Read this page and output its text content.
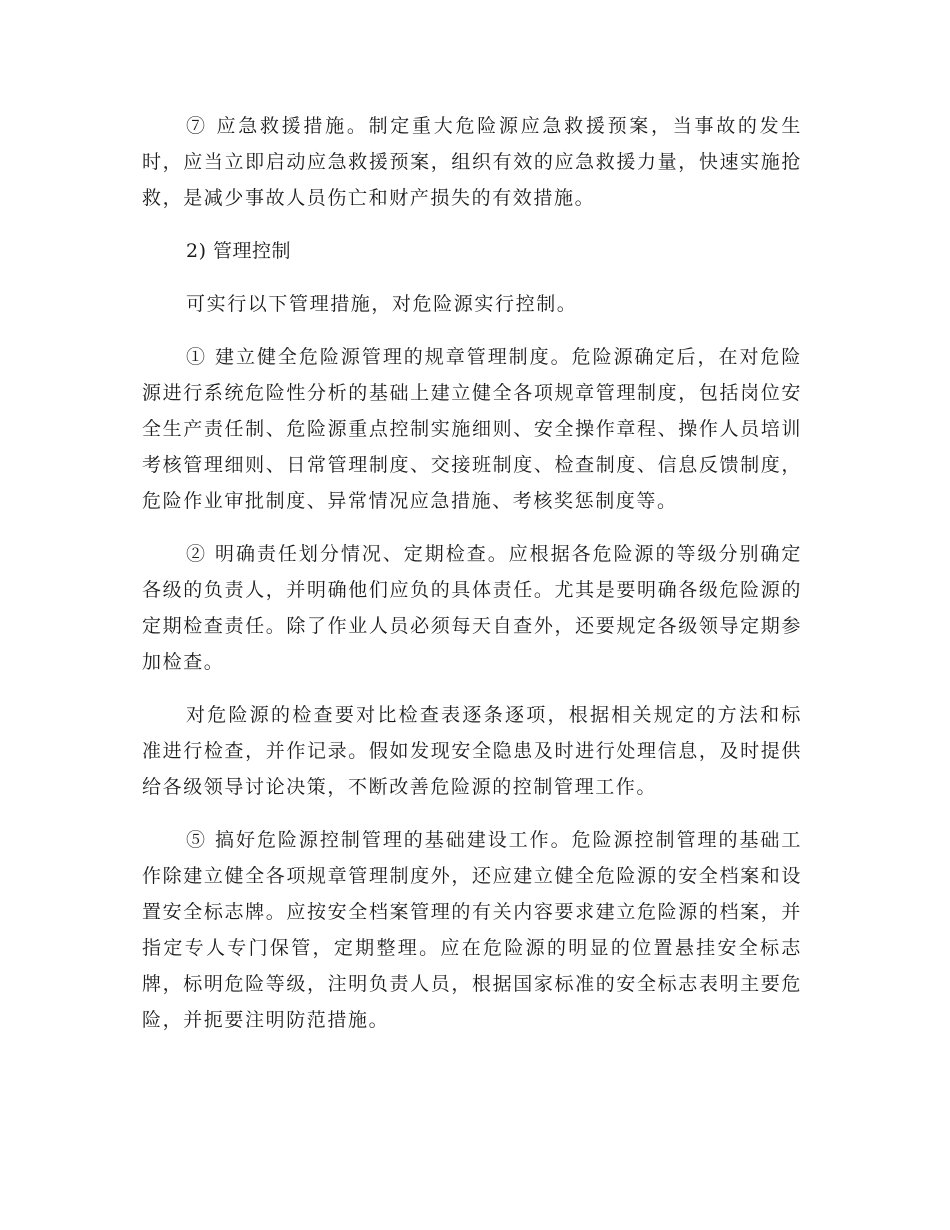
⑦ 应急救援措施。制定重大危险源应急救援预案，当事故的发生时，应当立即启动应急救援预案，组织有效的应急救援力量，快速实施抢救，是减少事故人员伤亡和财产损失的有效措施。

2) 管理控制

可实行以下管理措施，对危险源实行控制。

① 建立健全危险源管理的规章管理制度。危险源确定后，在对危险源进行系统危险性分析的基础上建立健全各项规章管理制度，包括岗位安全生产责任制、危险源重点控制实施细则、安全操作章程、操作人员培训考核管理细则、日常管理制度、交接班制度、检查制度、信息反馈制度，危险作业审批制度、异常情况应急措施、考核奖惩制度等。

② 明确责任划分情况、定期检查。应根据各危险源的等级分别确定各级的负责人，并明确他们应负的具体责任。尤其是要明确各级危险源的定期检查责任。除了作业人员必须每天自查外，还要规定各级领导定期参加检查。

对危险源的检查要对比检查表逐条逐项，根据相关规定的方法和标准进行检查，并作记录。假如发现安全隐患及时进行处理信息，及时提供给各级领导讨论决策，不断改善危险源的控制管理工作。

⑤ 搞好危险源控制管理的基础建设工作。危险源控制管理的基础工作除建立健全各项规章管理制度外，还应建立健全危险源的安全档案和设置安全标志牌。应按安全档案管理的有关内容要求建立危险源的档案，并指定专人专门保管，定期整理。应在危险源的明显的位置悬挂安全标志牌，标明危险等级，注明负责人员，根据国家标准的安全标志表明主要危险，并扼要注明防范措施。
